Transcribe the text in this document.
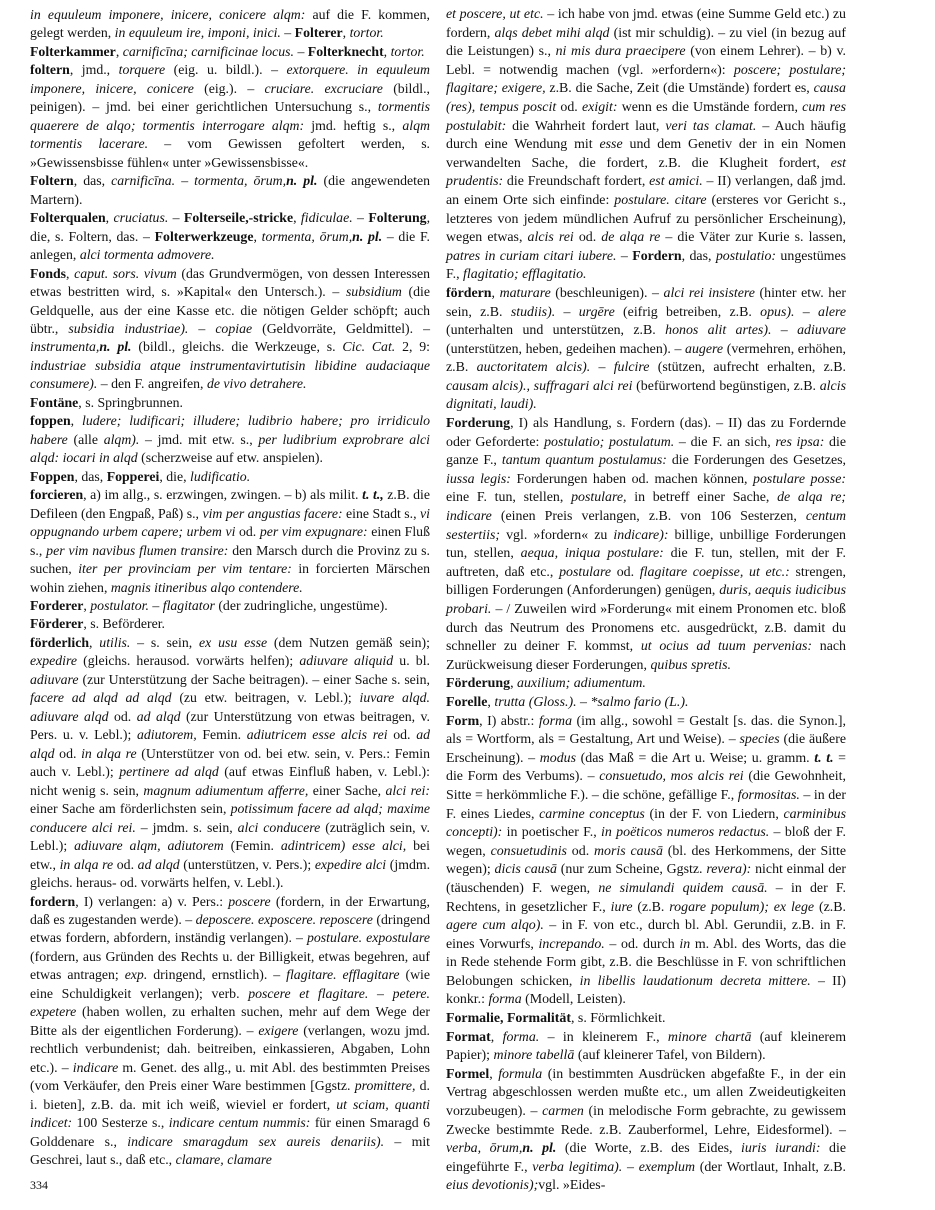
in equuleum imponere, inicere, conicere alqm: auf die F. kommen, gelegt werden, in equuleum ire, imponi, inici. – Folterer, tortor.

Folterkammer, carnificīna; carnificinae locus. – Folterknecht, tortor.

foltern, jmd., torquere (eig. u. bildl.). – extorquere. in equuleum imponere, inicere, conicere (eig.). – cruciare. excruciare (bildl., peinigen). – jmd. bei einer gerichtlichen Untersuchung s., tormentis quaerere de alqo; tormentis interrogare alqm: jmd. heftig s., alqm tormentis lacerare. – vom Gewissen gefoltert werden, s. »Gewissensbisse fühlen« unter »Gewissensbisse«.

Foltern, das, carnificīna. – tormenta, ōrum,n. pl. (die angewendeten Martern).

Folterqualen, cruciatus. – Folterseile,-stricke, fidiculae. – Folterung, die, s. Foltern, das. – Folterwerkzeuge, tormenta, ōrum,n. pl. – die F. anlegen, alci tormenta admovere.

Fonds, caput. sors. vivum (das Grundvermögen, von dessen Interessen etwas bestritten wird, s. »Kapital« den Untersch.). – subsidium (die Geldquelle, aus der eine Kasse etc. die nötigen Gelder schöpft; auch übtr., subsidia industriae). – copiae (Geldvorräte, Geldmittel). – instrumenta,n. pl. (bildl., gleichs. die Werkzeuge, s. Cic. Cat. 2, 9: industriae subsidia atque instrumentavirtutisin libidine audaciaque consumere). – den F. angreifen, de vivo detrahere.

Fontäne, s. Springbrunnen.

foppen, ludere; ludificari; illudere; ludibrio habere; pro irridiculo habere (alle alqm). – jmd. mit etw. s., per ludibrium exprobrare alci alqd: iocari in alqd (scherzweise auf etw. anspielen).

Foppen, das, Fopperei, die, ludificatio.

forcieren, a) im allg., s. erzwingen, zwingen. – b) als milit. t. t., z.B. die Defileen (den Engpaß, Paß) s., vim per angustias facere: eine Stadt s., vi oppugnando urbem capere; urbem vi od. per vim expugnare: einen Fluß s., per vim navibus flumen transire: den Marsch durch die Provinz zu s. suchen, iter per provinciam per vim tentare: in forcierten Märschen wohin ziehen, magnis itineribus alqo contendere.

Forderer, postulator. – flagitator (der zudringliche, ungestüme).

Förderer, s. Beförderer.

förderlich, utilis. – s. sein, ex usu esse (dem Nutzen gemäß sein); expedire (gleichs. herausod. vorwärts helfen); adiuvare aliquid u. bl. adiuvare (zur Unterstützung der Sache beitragen). – einer Sache s. sein, facere ad alqd ad alqd (zu etw. beitragen, v. Lebl.); iuvare alqd. adiuvare alqd od. ad alqd (zur Unterstützung von etwas beitragen, v. Pers. u. v. Lebl.); adiutorem, Femin. adiutricem esse alcis rei od. ad alqd od. in alqa re (Unterstützer von od. bei etw. sein, v. Pers.: Femin auch v. Lebl.); pertinere ad alqd (auf etwas Einfluß haben, v. Lebl.): nicht wenig s. sein, magnum adiumentum afferre, einer Sache, alci rei: einer Sache am förderlichsten sein, potissimum facere ad alqd; maxime conducere alci rei. – jmdm. s. sein, alci conducere (zuträglich sein, v. Lebl.); adiuvare alqm, adiutorem (Femin. adintricem) esse alci, bei etw., in alqa re od. ad alqd (unterstützen, v. Pers.); expedire alci (jmdm. gleichs. heraus- od. vorwärts helfen, v. Lebl.).

fordern, I) verlangen: a) v. Pers.: poscere (fordern, in der Erwartung, daß es zugestanden werde). – deposcere. exposcere. reposcere (dringend etwas fordern, abfordern, inständig verlangen). – postulare. expostulare (fordern, aus Gründen des Rechts u. der Billigkeit, etwas begehren, auf etwas antragen; exp. dringend, ernstlich). – flagitare. efflagitare (wie eine Schuldigkeit verlangen); verb. poscere et flagitare. – petere. expetere (haben wollen, zu erhalten suchen, mehr auf dem Wege der Bitte als der eigentlichen Forderung). – exigere (verlangen, wozu jmd. rechtlich verbundenist; dah. beitreiben, einkassieren, Abgaben, Lohn etc.). – indicare m. Genet. des allg., u. mit Abl. des bestimmten Preises (vom Verkäufer, den Preis einer Ware bestimmen [Ggstz. promittere, d. i. bieten], z.B. da. mit ich weiß, wieviel er fordert, ut sciam, quanti indicet: 100 Sesterze s., indicare centum nummis: für einen Smaragd 6 Golddenare s., indicare smaragdum sex aureis denariis). – mit Geschrei, laut s., daß etc., clamare, clamare

et poscere, ut etc. – ich habe von jmd. etwas (eine Summe Geld etc.) zu fordern, alqs debet mihi alqd (ist mir schuldig). – zu viel (in bezug auf die Leistungen) s., ni mis dura praecipere (von einem Lehrer). – b) v. Lebl. = notwendig machen (vgl. »erfordern«): poscere; postulare; flagitare; exigere, z.B. die Sache, Zeit (die Umstände) fordert es, causa (res), tempus poscit od. exigit: wenn es die Umstände fordern, cum res postulabit: die Wahrheit fordert laut, veri tas clamat. – Auch häufig durch eine Wendung mit esse und dem Genetiv der in ein Nomen verwandelten Sache, die fordert, z.B. die Klugheit fordert, est prudentis: die Freundschaft fordert, est amici. – II) verlangen, daß jmd. an einem Orte sich einfinde: postulare. citare (ersteres vor Gericht s., letzteres von jedem mündlichen Aufruf zu persönlicher Erscheinung), wegen etwas, alcis rei od. de alqa re – die Väter zur Kurie s. lassen, patres in curiam citari iubere. – Fordern, das, postulatio: ungestümes F., flagitatio; efflagitatio.

fördern, maturare (beschleunigen). – alci rei insistere (hinter etw. her sein, z.B. studiis). – urgēre (eifrig betreiben, z.B. opus). – alere (unterhalten und unterstützen, z.B. honos alit artes). – adiuvare (unterstützen, heben, gedeihen machen). – augere (vermehren, erhöhen, z.B. auctoritatem alcis). – fulcire (stützen, aufrecht erhalten, z.B. causam alcis)., suffragari alci rei (befürwortend begünstigen, z.B. alcis dignitati, laudi).

Forderung, I) als Handlung, s. Fordern (das). – II) das zu Fordernde oder Geforderte: postulatio; postulatum. – die F. an sich, res ipsa: die ganze F., tantum quantum postulamus: die Forderungen des Gesetzes, iussa legis: Forderungen haben od. machen können, postulare posse: eine F. tun, stellen, postulare, in betreff einer Sache, de alqa re; indicare (einen Preis verlangen, z.B. von 106 Sesterzen, centum sestertiis; vgl. »fordern« zu indicare): billige, unbillige Forderungen tun, stellen, aequa, iniqua postulare: die F. tun, stellen, mit der F. auftreten, daß etc., postulare od. flagitare coepisse, ut etc.: strengen, billigen Forderungen (Anforderungen) genügen, duris, aequis iudicibus probari. – / Zuweilen wird »Forderung« mit einem Pronomen etc. bloß durch das Neutrum des Pronomens etc. ausgedrückt, z.B. damit du schneller zu deiner F. kommst, ut ocius ad tuum pervenias: nach Zurückweisung dieser Forderungen, quibus spretis.

Förderung, auxilium; adiumentum.

Forelle, trutta (Gloss.). – *salmo fario (L.).

Form, I) abstr.: forma (im allg., sowohl = Gestalt [s. das. die Synon.], als = Wortform, als = Gestaltung, Art und Weise). – species (die äußere Erscheinung). – modus (das Maß = die Art u. Weise; u. gramm. t. t. = die Form des Verbums). – consuetudo, mos alcis rei (die Gewohnheit, Sitte = herkömmliche F.). – die schöne, gefällige F., formositas. – in der F. eines Liedes, carmine conceptus (in der F. von Liedern, carminibus concepti): in poetischer F., in poëticos numeros redactus. – bloß der F. wegen, consuetudinis od. moris causā (bl. des Herkommens, der Sitte wegen); dicis causā (nur zum Scheine, Ggstz. revera): nicht einmal der (täuschenden) F. wegen, ne simulandi quidem causā. – in der F. Rechtens, in gesetzlicher F., iure (z.B. rogare populum); ex lege (z.B. agere cum alqo). – in F. von etc., durch bl. Abl. Gerundii, z.B. in F. eines Vorwurfs, increpando. – od. durch in m. Abl. des Worts, das die in Rede stehende Form gibt, z.B. die Beschlüsse in F. von schriftlichen Belobungen schicken, in libellis laudationum decreta mittere. – II) konkr.: forma (Modell, Leisten).

Formalie, Formalität, s. Förmlichkeit.

Format, forma. – in kleinerem F., minore chartā (auf kleinerem Papier); minore tabellā (auf kleinerer Tafel, von Bildern).

Formel, formula (in bestimmten Ausdrücken abgefaßte F., in der ein Vertrag abgeschlossen werden mußte etc., um allen Zweideutigkeiten vorzubeugen). – carmen (in melodische Form gebrachte, zu gewissem Zwecke bestimmte Rede. z.B. Zauberformel, Lehre, Eidesformel). – verba, ōrum,n. pl. (die Worte, z.B. des Eides, iuris iurandi: die eingeführte F., verba legitima). – exemplum (der Wortlaut, Inhalt, z.B. eius devotionis);vgl. »Eides-

334
